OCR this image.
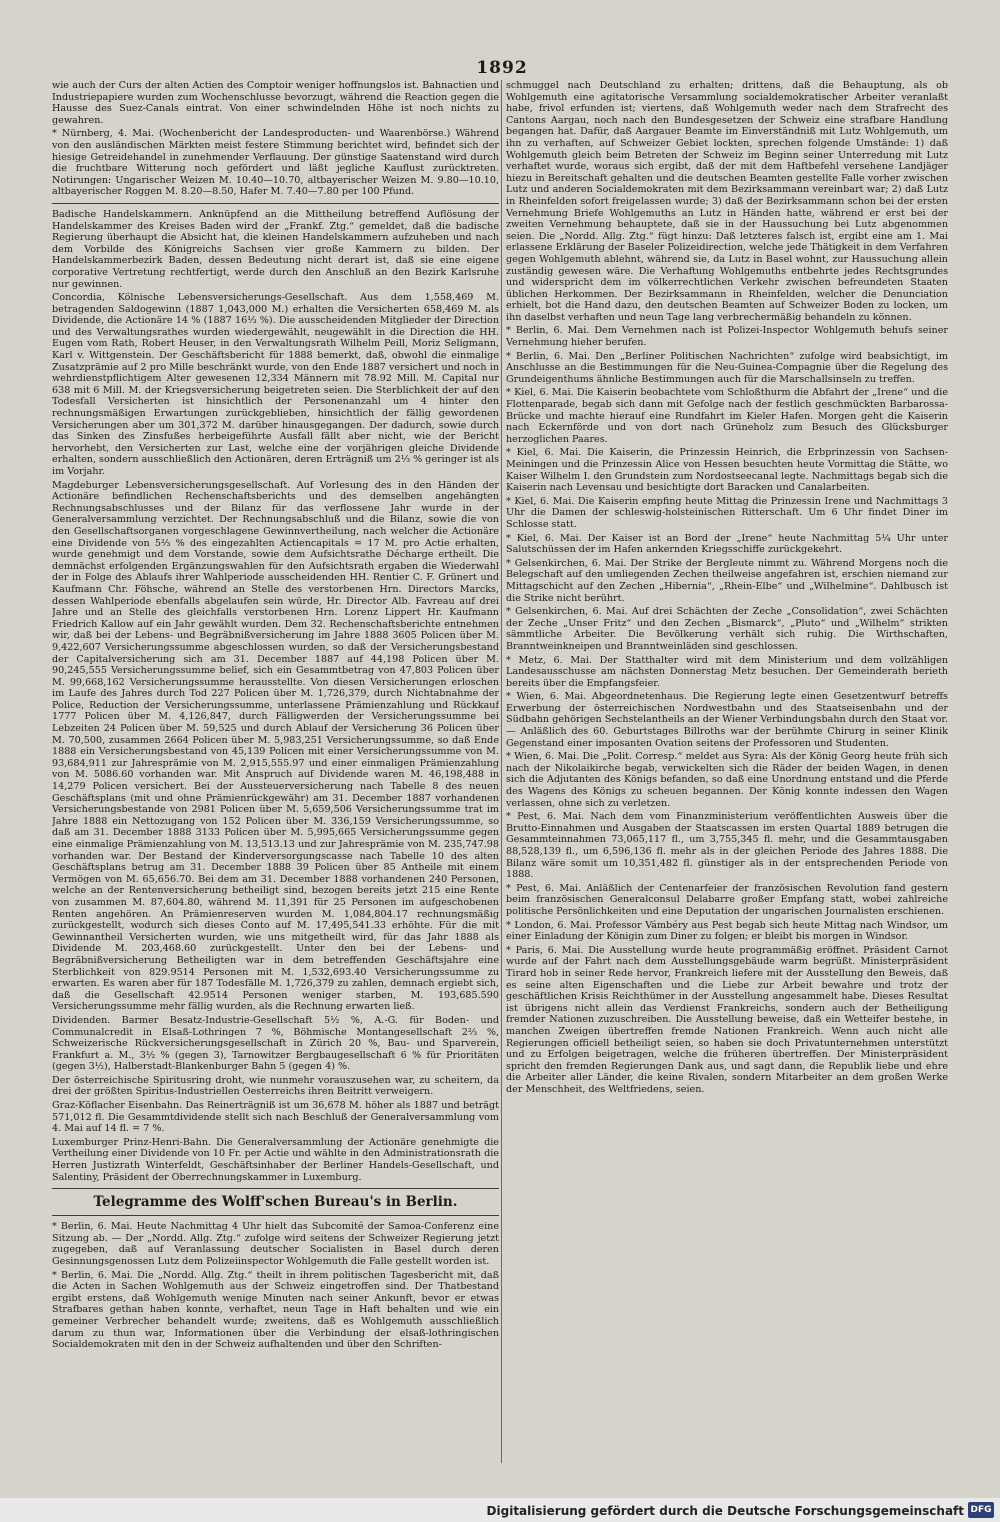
1892

wie auch der Curs der alten Actien des Comptoir weniger hoffnungslos ist. Bahnactien und Industriepapiere wurden zum Wochenschlusse bevorzugt, während die Reaction gegen die Hausse des Suez-Canals eintrat. Von einer schwindelnden Höhe ist noch nichts zu gewahren.

* Nürnberg, 4. Mai. (Wochenbericht der Landesproducten- und Waarenbörse.) Während von den ausländischen Märkten meist festere Stimmung berichtet wird, befindet sich der hiesige Getreidehandel in zunehmender Verflauung. Der günstige Saatenstand wird durch die fruchtbare Witterung noch gefördert und läßt jegliche Kauflust zurücktreten. Notirungen: Ungarischer Weizen M. 10.40—10.70, altbayerischer Weizen M. 9.80—10.10, altbayerischer Roggen M. 8.20—8.50, Hafer M. 7.40—7.80 per 100 Pfund.

Badische Handelskammern. Anknüpfend an die Mittheilung betreffend Auflösung der Handelskammer des Kreises Baden wird der „Frankf. Ztg.“ gemeldet, daß die badische Regierung überhaupt die Absicht hat, die kleinen Handelskammern aufzuheben und nach dem Vorbilde des Königreichs Sachsen vier große Kammern zu bilden. Der Handelskammerbezirk Baden, dessen Bedeutung nicht derart ist, daß sie eine eigene corporative Vertretung rechtfertigt, werde durch den Anschluß an den Bezirk Karlsruhe nur gewinnen.

Concordia, Kölnische Lebensversicherungs-Gesellschaft. Aus dem 1,558,469 M. betragenden Saldogewinn (1887 1,043,000 M.) erhalten die Versicherten 658,469 M. als Dividende, die Actionäre 14 % (1887 16⅓ %). Die ausscheidenden Mitglieder der Direction und des Verwaltungsrathes wurden wiedergewählt, neugewählt in die Direction die HH. Eugen vom Rath, Robert Heuser, in den Verwaltungsrath Wilhelm Peill, Moriz Seligmann, Karl v. Wittgenstein. Der Geschäftsbericht für 1888 bemerkt, daß, obwohl die einmalige Zusatzprämie auf 2 pro Mille beschränkt wurde, von den Ende 1887 versichert und noch in wehrdienstpflichtigem Alter gewesenen 12,334 Männern mit 78.92 Mill. M. Capital nur 638 mit 6 Mill. M. der Kriegsversicherung beigetreten seien. Die Sterblichkeit der auf den Todesfall Versicherten ist hinsichtlich der Personenanzahl um 4 hinter den rechnungsmäßigen Erwartungen zurückgeblieben, hinsichtlich der fällig gewordenen Versicherungen aber um 301,372 M. darüber hinausgegangen. Der dadurch, sowie durch das Sinken des Zinsfußes herbeigeführte Ausfall fällt aber nicht, wie der Bericht hervorhebt, den Versicherten zur Last, welche eine der vorjährigen gleiche Dividende erhalten, sondern ausschließlich den Actionären, deren Erträgniß um 2⅓ % geringer ist als im Vorjahr.

Magdeburger Lebensversicherungsgesellschaft. Auf Vorlesung des in den Händen der Actionäre befindlichen Rechenschaftsberichts und des demselben angehängten Rechnungsabschlusses und der Bilanz für das verflossene Jahr wurde in der Generalversammlung verzichtet. Der Rechnungsabschluß und die Bilanz, sowie die von den Gesellschaftsorganen vorgeschlagene Gewinnvertheilung, nach welcher die Actionäre eine Dividende von 5⅔ % des eingezahlten Actiencapitals = 17 M. pro Actie erhalten, wurde genehmigt und dem Vorstande, sowie dem Aufsichtsrathe Décharge ertheilt. Die demnächst erfolgenden Ergänzungswahlen für den Aufsichtsrath ergaben die Wiederwahl der in Folge des Ablaufs ihrer Wahlperiode ausscheidenden HH. Rentier C. F. Grünert und Kaufmann Chr. Föhsche, während an Stelle des verstorbenen Hrn. Directors Marcks, dessen Wahlperiode ebenfalls abgelaufen sein würde, Hr. Director Alb. Favreau auf drei Jahre und an Stelle des gleichfalls verstorbenen Hrn. Lorenz Lippert Hr. Kaufmann Friedrich Kallow auf ein Jahr gewählt wurden. Dem 32. Rechenschaftsberichte entnehmen wir, daß bei der Lebens- und Begräbnißversicherung im Jahre 1888 3605 Policen über M. 9,422,607 Versicherungssumme abgeschlossen wurden, so daß der Versicherungsbestand der Capitalversicherung sich am 31. December 1887 auf 44,198 Policen über M. 90,245,555 Versicherungssumme belief, sich ein Gesammtbetrag von 47,803 Policen über M. 99,668,162 Versicherungssumme herausstellte. Von diesen Versicherungen erloschen im Laufe des Jahres durch Tod 227 Policen über M. 1,726,379, durch Nichtabnahme der Police, Reduction der Versicherungssumme, unterlassene Prämienzahlung und Rückkauf 1777 Policen über M. 4,126,847, durch Fälligwerden der Versicherungssumme bei Lebzeiten 24 Policen über M. 59,525 und durch Ablauf der Versicherung 36 Policen über M. 70,500, zusammen 2664 Policen über M. 5,983,251 Versicherungssumme, so daß Ende 1888 ein Versicherungsbestand von 45,139 Policen mit einer Versicherungssumme von M. 93,684,911 zur Jahresprämie von M. 2,915,555.97 und einer einmaligen Prämienzahlung von M. 5086.60 vorhanden war. Mit Anspruch auf Dividende waren M. 46,198,488 in 14,279 Policen versichert. Bei der Aussteuerversicherung nach Tabelle 8 des neuen Geschäftsplans (mit und ohne Prämienrückgewähr) am 31. December 1887 vorhandenen Versicherungsbestande von 2981 Policen über M. 5,659,506 Versicherungssumme trat im Jahre 1888 ein Nettozugang von 152 Policen über M. 336,159 Versicherungssumme, so daß am 31. December 1888 3133 Policen über M. 5,995,665 Versicherungssumme gegen eine einmalige Prämienzahlung von M. 13,513.13 und zur Jahresprämie von M. 235,747.98 vorhanden war. Der Bestand der Kinderversorgungscasse nach Tabelle 10 des alten Geschäftsplans betrug am 31. December 1888 39 Policen über 85 Antheile mit einem Vermögen von M. 65,656.70. Bei dem am 31. December 1888 vorhandenen 240 Personen, welche an der Rentenversicherung betheiligt sind, bezogen bereits jetzt 215 eine Rente von zusammen M. 87,604.80, während M. 11,391 für 25 Personen im aufgeschobenen Renten angehören. An Prämienreserven wurden M. 1,084,804.17 rechnungsmäßig zurückgestellt, wodurch sich dieses Conto auf M. 17,495,541.33 erhöhte. Für die mit Gewinnantheil Versicherten wurden, wie uns mitgetheilt wird, für das Jahr 1888 als Dividende M. 203,468.60 zurückgestellt. Unter den bei der Lebens- und Begräbnißversicherung Betheiligten war in dem betreffenden Geschäftsjahre eine Sterblichkeit von 829.9514 Personen mit M. 1,532,693.40 Versicherungssumme zu erwarten. Es waren aber für 187 Todesfälle M. 1,726,379 zu zahlen, demnach ergiebt sich, daß die Gesellschaft 42.9514 Personen weniger starben, M. 193,685.590 Versicherungssumme mehr fällig wurden, als die Rechnung erwarten ließ.

Dividenden. Barmer Besatz-Industrie-Gesellschaft 5½ %, A.-G. für Boden- und Communalcredit in Elsaß-Lothringen 7 %, Böhmische Montangesellschaft 2⅔ %, Schweizerische Rückversicherungsgesellschaft in Zürich 20 %, Bau- und Sparverein, Frankfurt a. M., 3½ % (gegen 3), Tarnowitzer Bergbaugesellschaft 6 % für Prioritäten (gegen 3½), Halberstadt-Blankenburger Bahn 5 (gegen 4) %.

Der österreichische Spiritusring droht, wie nunmehr vorauszusehen war, zu scheitern, da drei der größten Spiritus-Industriellen Oesterreichs ihren Beitritt verweigern.

Graz-Köflacher Eisenbahn. Das Reinerträgniß ist um 36,678 M. höher als 1887 und beträgt 571,012 fl. Die Gesammtdividende stellt sich nach Beschluß der Generalversammlung vom 4. Mai auf 14 fl. = 7 %.

Luxemburger Prinz-Henri-Bahn. Die Generalversammlung der Actionäre genehmigte die Vertheilung einer Dividende von 10 Fr. per Actie und wählte in den Administrationsrath die Herren Justizrath Winterfeldt, Geschäftsinhaber der Berliner Handels-Gesellschaft, und Salentiny, Präsident der Oberrechnungskammer in Luxemburg.

Telegramme des Wolff'schen Bureau's in Berlin.

* Berlin, 6. Mai. Heute Nachmittag 4 Uhr hielt das Subcomité der Samoa-Conferenz eine Sitzung ab. — Der „Nordd. Allg. Ztg.“ zufolge wird seitens der Schweizer Regierung jetzt zugegeben, daß auf Veranlassung deutscher Socialisten in Basel durch deren Gesinnungsgenossen Lutz dem Polizeiinspector Wohlgemuth die Falle gestellt worden ist.

* Berlin, 6. Mai. Die „Nordd. Allg. Ztg.“ theilt in ihrem politischen Tagesbericht mit, daß die Acten in Sachen Wohlgemuth aus der Schweiz eingetroffen sind. Der Thatbestand ergibt erstens, daß Wohlgemuth wenige Minuten nach seiner Ankunft, bevor er etwas Strafbares gethan haben konnte, verhaftet, neun Tage in Haft behalten und wie ein gemeiner Verbrecher behandelt wurde; zweitens, daß es Wohlgemuth ausschließlich darum zu thun war, Informationen über die Verbindung der elsaß-lothringischen Socialdemokraten mit den in der Schweiz aufhaltenden und über den Schriften-

schmuggel nach Deutschland zu erhalten; drittens, daß die Behauptung, als ob Wohlgemuth eine agitatorische Versammlung socialdemokratischer Arbeiter veranlaßt habe, frivol erfunden ist; viertens, daß Wohlgemuth weder nach dem Strafrecht des Cantons Aargau, noch nach den Bundesgesetzen der Schweiz eine strafbare Handlung begangen hat. Dafür, daß Aargauer Beamte im Einverständniß mit Lutz Wohlgemuth, um ihn zu verhaften, auf Schweizer Gebiet lockten, sprechen folgende Umstände: 1) daß Wohlgemuth gleich beim Betreten der Schweiz im Beginn seiner Unterredung mit Lutz verhaftet wurde, woraus sich ergibt, daß der mit dem Haftbefehl versehene Landjäger hiezu in Bereitschaft gehalten und die deutschen Beamten gestellte Falle vorher zwischen Lutz und anderen Socialdemokraten mit dem Bezirksammann vereinbart war; 2) daß Lutz in Rheinfelden sofort freigelassen wurde; 3) daß der Bezirksammann schon bei der ersten Vernehmung Briefe Wohlgemuths an Lutz in Händen hatte, während er erst bei der zweiten Vernehmung behauptete, daß sie in der Haussuchung bei Lutz abgenommen seien. Die „Nordd. Allg. Ztg.“ fügt hinzu: Daß letzteres falsch ist, ergibt eine am 1. Mai erlassene Erklärung der Baseler Polizeidirection, welche jede Thätigkeit in dem Verfahren gegen Wohlgemuth ablehnt, während sie, da Lutz in Basel wohnt, zur Haussuchung allein zuständig gewesen wäre. Die Verhaftung Wohlgemuths entbehrte jedes Rechtsgrundes und widerspricht dem im völkerrechtlichen Verkehr zwischen befreundeten Staaten üblichen Herkommen. Der Bezirksammann in Rheinfelden, welcher die Denunciation erhielt, bot die Hand dazu, den deutschen Beamten auf Schweizer Boden zu locken, um ihn daselbst verhaften und neun Tage lang verbrechermäßig behandeln zu können.

* Berlin, 6. Mai. Dem Vernehmen nach ist Polizei-Inspector Wohlgemuth behufs seiner Vernehmung hieher berufen.

* Berlin, 6. Mai. Den „Berliner Politischen Nachrichten“ zufolge wird beabsichtigt, im Anschlusse an die Bestimmungen für die Neu-Guinea-Compagnie über die Regelung des Grundeigenthums ähnliche Bestimmungen auch für die Marschallsinseln zu treffen.

* Kiel, 6. Mai. Die Kaiserin beobachtete vom Schloßthurm die Abfahrt der „Irene“ und die Flottenparade, begab sich dann mit Gefolge nach der festlich geschmückten Barbarossa-Brücke und machte hierauf eine Rundfahrt im Kieler Hafen. Morgen geht die Kaiserin nach Eckernförde und von dort nach Grüneholz zum Besuch des Glücksburger herzoglichen Paares.

* Kiel, 6. Mai. Die Kaiserin, die Prinzessin Heinrich, die Erbprinzessin von Sachsen-Meiningen und die Prinzessin Alice von Hessen besuchten heute Vormittag die Stätte, wo Kaiser Wilhelm I. den Grundstein zum Nordostseecanal legte. Nachmittags begab sich die Kaiserin nach Levensau und besichtigte dort Baracken und Canalarbeiten.

* Kiel, 6. Mai. Die Kaiserin empfing heute Mittag die Prinzessin Irene und Nachmittags 3 Uhr die Damen der schleswig-holsteinischen Ritterschaft. Um 6 Uhr findet Diner im Schlosse statt.

* Kiel, 6. Mai. Der Kaiser ist an Bord der „Irene“ heute Nachmittag 5¼ Uhr unter Salutschüssen der im Hafen ankernden Kriegsschiffe zurückgekehrt.

* Gelsenkirchen, 6. Mai. Der Strike der Bergleute nimmt zu. Während Morgens noch die Belegschaft auf den umliegenden Zechen theilweise angefahren ist, erschien niemand zur Mittagschicht auf den Zechen „Hibernia“, „Rhein-Elbe“ und „Wilhelmine“. Dahlbusch ist die Strike nicht berührt.

* Gelsenkirchen, 6. Mai. Auf drei Schächten der Zeche „Consolidation“, zwei Schächten der Zeche „Unser Fritz“ und den Zechen „Bismarck“, „Pluto“ und „Wilhelm“ strikten sämmtliche Arbeiter. Die Bevölkerung verhält sich ruhig. Die Wirthschaften, Branntweinkneipen und Branntweinläden sind geschlossen.

* Metz, 6. Mai. Der Statthalter wird mit dem Ministerium und dem vollzähligen Landesausschusse am nächsten Donnerstag Metz besuchen. Der Gemeinderath berieth bereits über die Empfangsfeier.

* Wien, 6. Mai. Abgeordnetenhaus. Die Regierung legte einen Gesetzentwurf betreffs Erwerbung der österreichischen Nordwestbahn und des Staatseisenbahn und der Südbahn gehörigen Sechstelantheils an der Wiener Verbindungsbahn durch den Staat vor. — Anläßlich des 60. Geburtstages Billroths war der berühmte Chirurg in seiner Klinik Gegenstand einer imposanten Ovation seitens der Professoren und Studenten.

* Wien, 6. Mai. Die „Polit. Corresp.“ meldet aus Syra: Als der König Georg heute früh sich nach der Nikolaikirche begab, verwickelten sich die Räder der beiden Wagen, in denen sich die Adjutanten des Königs befanden, so daß eine Unordnung entstand und die Pferde des Wagens des Königs zu scheuen begannen. Der König konnte indessen den Wagen verlassen, ohne sich zu verletzen.

* Pest, 6. Mai. Nach dem vom Finanzministerium veröffentlichten Ausweis über die Brutto-Einnahmen und Ausgaben der Staatscassen im ersten Quartal 1889 betrugen die Gesammteinnahmen 73,065,117 fl., um 3,755,345 fl. mehr, und die Gesammtausgaben 88,528,139 fl., um 6,596,136 fl. mehr als in der gleichen Periode des Jahres 1888. Die Bilanz wäre somit um 10,351,482 fl. günstiger als in der entsprechenden Periode von 1888.

* Pest, 6. Mai. Anläßlich der Centenarfeier der französischen Revolution fand gestern beim französischen Generalconsul Delabarre großer Empfang statt, wobei zahlreiche politische Persönlichkeiten und eine Deputation der ungarischen Journalisten erschienen.

* London, 6. Mai. Professor Vámbéry aus Pest begab sich heute Mittag nach Windsor, um einer Einladung der Königin zum Diner zu folgen; er bleibt bis morgen in Windsor.

* Paris, 6. Mai. Die Ausstellung wurde heute programmäßig eröffnet. Präsident Carnot wurde auf der Fahrt nach dem Ausstellungsgebäude warm begrüßt. Ministerpräsident Tirard hob in seiner Rede hervor, Frankreich liefere mit der Ausstellung den Beweis, daß es seine alten Eigenschaften und die Liebe zur Arbeit bewahre und trotz der geschäftlichen Krisis Reichthümer in der Ausstellung angesammelt habe. Dieses Resultat ist übrigens nicht allein das Verdienst Frankreichs, sondern auch der Betheiligung fremder Nationen zuzuschreiben. Die Ausstellung beweise, daß ein Wetteifer bestehe, in manchen Zweigen übertreffen fremde Nationen Frankreich. Wenn auch nicht alle Regierungen officiell betheiligt seien, so haben sie doch Privatunternehmen unterstützt und zu Erfolgen beigetragen, welche die früheren übertreffen. Der Ministerpräsident spricht den fremden Regierungen Dank aus, und sagt dann, die Republik liebe und ehre die Arbeiter aller Länder, die keine Rivalen, sondern Mitarbeiter an dem großen Werke der Menschheit, des Weltfriedens, seien.

Digitalisierung gefördert durch die Deutsche Forschungsgemeinschaft DFG
